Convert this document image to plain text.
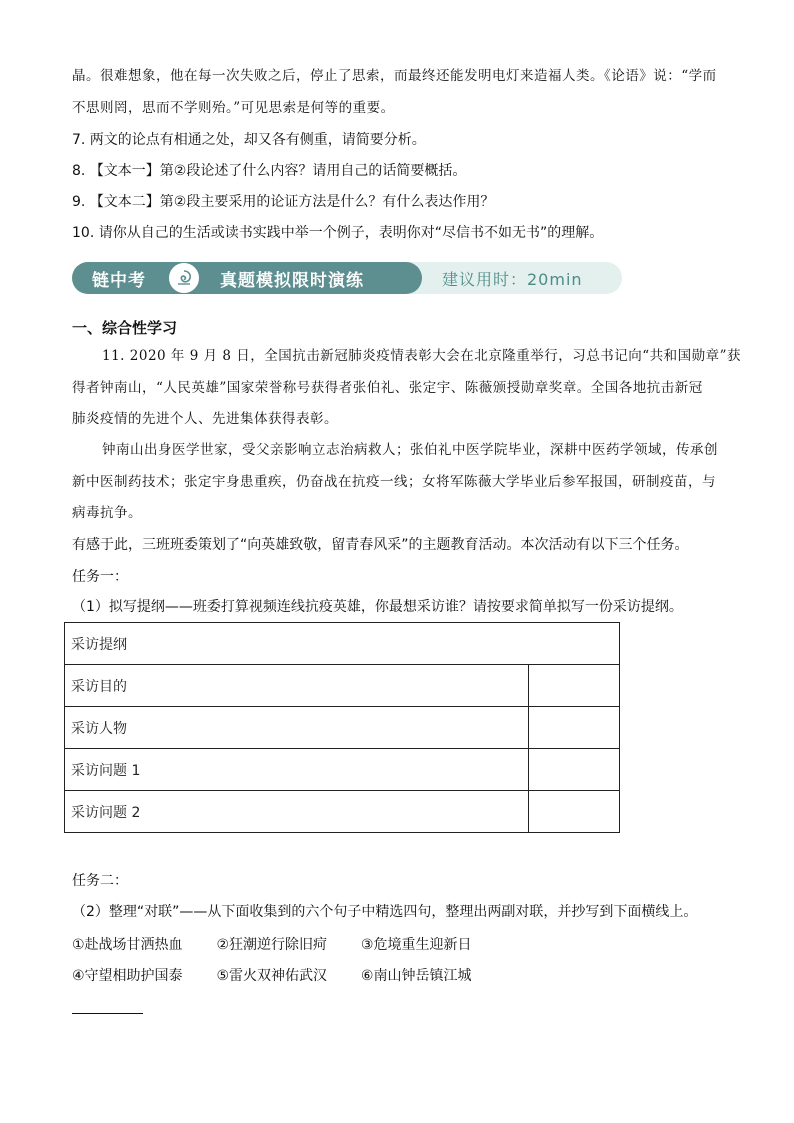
晶。很难想象，他在每一次失败之后，停止了思索，而最终还能发明电灯来造福人类。《论语》说：“学而
不思则罔，思而不学则殆。”可见思索是何等的重要。
7. 两文的论点有相通之处，却又各有侧重，请简要分析。
8. 【文本一】第②段论述了什么内容？请用自己的话简要概括。
9. 【文本二】第②段主要采用的论证方法是什么？有什么表达作用？
10. 请你从自己的生活或读书实践中举一个例子，表明你对“尽信书不如无书”的理解。
链中考	真题模拟限时演练	建议用时：20min
一、综合性学习
11. 2020 年 9 月 8 日，全国抗击新冠肺炎疫情表彰大会在北京隆重举行，习总书记向“共和国勋章”获
得者钟南山，“人民英雄”国家荣誉称号获得者张伯礼、张定宇、陈薇颁授勋章奖章。全国各地抗击新冠
肺炎疫情的先进个人、先进集体获得表彰。
钟南山出身医学世家，受父亲影响立志治病救人；张伯礼中医学院毕业，深耕中医药学领域，传承创
新中医制药技术；张定宇身患重疾，仍奋战在抗疫一线；女将军陈薇大学毕业后参军报国，研制疫苗，与
病毒抗争。
有感于此，三班班委策划了“向英雄致敬，留青春风采”的主题教育活动。本次活动有以下三个任务。
任务一：
（1）拟写提纲——班委打算视频连线抗疫英雄，你最想采访谁？请按要求简单拟写一份采访提纲。
采访提纲	
采访目的	
采访人物	
采访问题 1	
采访问题 2	
任务二：
（2）整理“对联”——从下面收集到的六个句子中精选四句，整理出两副对联，并抄写到下面横线上。
①赴战场甘洒热血 ②狂潮逆行除旧疴 ③危境重生迎新日
④守望相助护国泰 ⑤雷火双神佑武汉 ⑥南山钟岳镇江城
